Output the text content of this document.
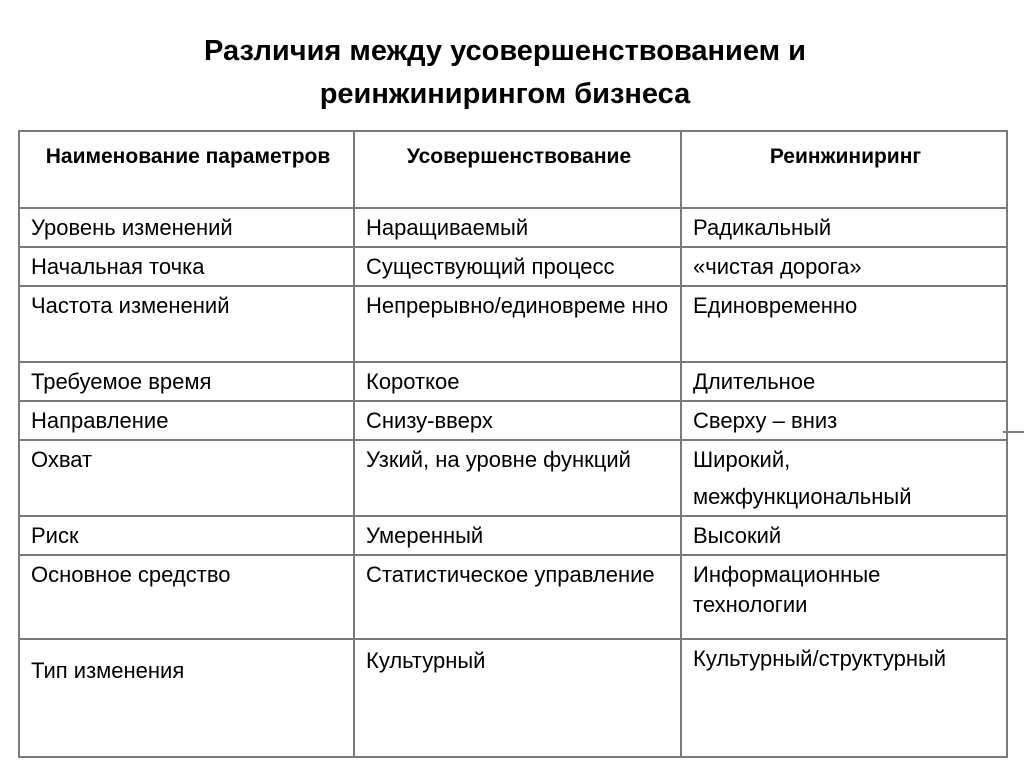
Различия между усовершенствованием и
реинжинирингом бизнеса
Наименование параметров	Усовершенствование	Реинжиниринг
Уровень изменений	Наращиваемый	Радикальный
Начальная точка	Существующий процесс	«чистая дорога»
Частота изменений	Непрерывно/единовреме нно	Единовременно
Требуемое время	Короткое	Длительное
Направление	Снизу-вверх	Сверху – вниз
Охват	Узкий, на уровне функций	Широкий, межфункциональный
Риск	Умеренный	Высокий
Основное средство	Статистическое управление	Информационные технологии
Тип изменения	Культурный	Культурный/структурный
